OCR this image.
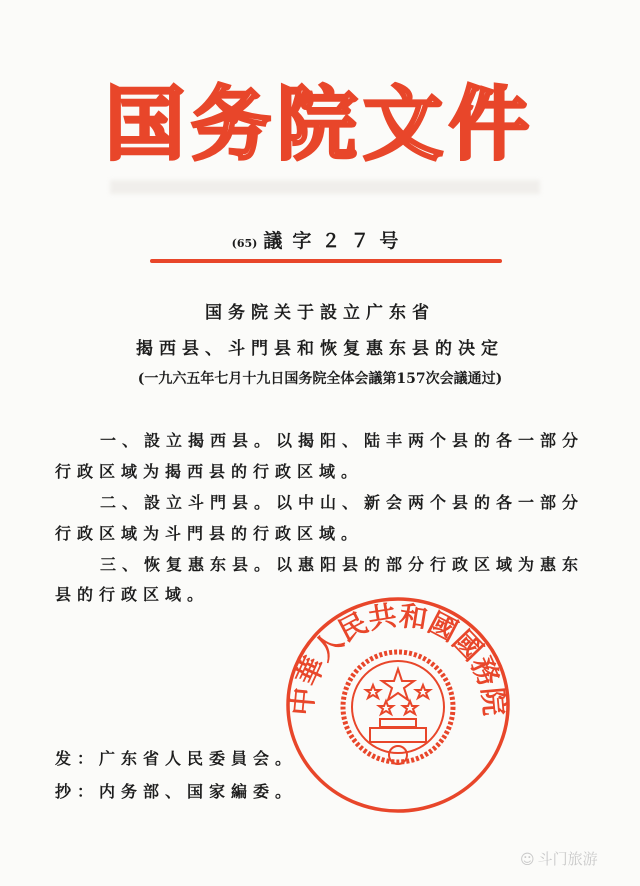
国务院文件
(65) 議字２７号
国务院关于設立广东省
揭西县、斗門县和恢复惠东县的决定
(一九六五年七月十九日国务院全体会議第157次会議通过)
一、設立揭西县。以揭阳、陆丰两个县的各一部分
行政区域为揭西县的行政区域。
二、設立斗門县。以中山、新会两个县的各一部分
行政区域为斗門县的行政区域。
三、恢复惠东县。以惠阳县的部分行政区域为惠东
县的行政区域。
发：广东省人民委員会。
抄：内务部、国家編委。
中華人民共和國國務院
☺ 斗门旅游
